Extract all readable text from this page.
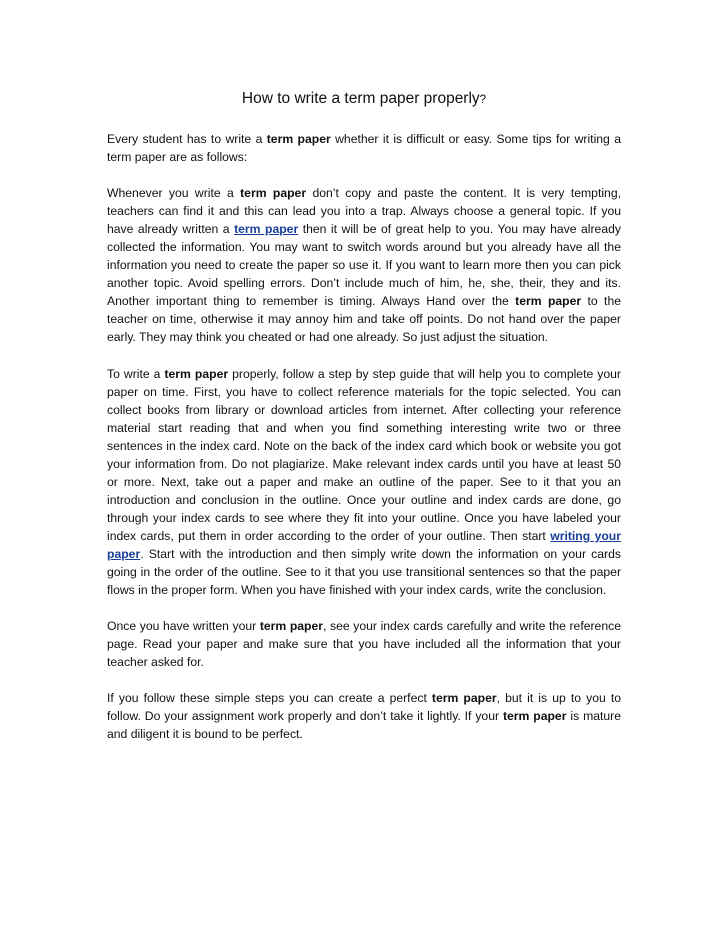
How to write a term paper properly?

Every student has to write a term paper whether it is difficult or easy. Some tips for writing a term paper are as follows:

Whenever you write a term paper don’t copy and paste the content. It is very tempting, teachers can find it and this can lead you into a trap. Always choose a general topic. If you have already written a term paper then it will be of great help to you. You may have already collected the information. You may want to switch words around but you already have all the information you need to create the paper so use it. If you want to learn more then you can pick another topic. Avoid spelling errors. Don’t include much of him, he, she, their, they and its. Another important thing to remember is timing. Always Hand over the term paper to the teacher on time, otherwise it may annoy him and take off points. Do not hand over the paper early. They may think you cheated or had one already. So just adjust the situation.

To write a term paper properly, follow a step by step guide that will help you to complete your paper on time. First, you have to collect reference materials for the topic selected. You can collect books from library or download articles from internet. After collecting your reference material start reading that and when you find something interesting write two or three sentences in the index card. Note on the back of the index card which book or website you got your information from. Do not plagiarize. Make relevant index cards until you have at least 50 or more. Next, take out a paper and make an outline of the paper. See to it that you an introduction and conclusion in the outline. Once your outline and index cards are done, go through your index cards to see where they fit into your outline. Once you have labeled your index cards, put them in order according to the order of your outline. Then start writing your paper. Start with the introduction and then simply write down the information on your cards going in the order of the outline. See to it that you use transitional sentences so that the paper flows in the proper form. When you have finished with your index cards, write the conclusion.

Once you have written your term paper, see your index cards carefully and write the reference page. Read your paper and make sure that you have included all the information that your teacher asked for.

If you follow these simple steps you can create a perfect term paper, but it is up to you to follow. Do your assignment work properly and don’t take it lightly. If your term paper is mature and diligent it is bound to be perfect.
